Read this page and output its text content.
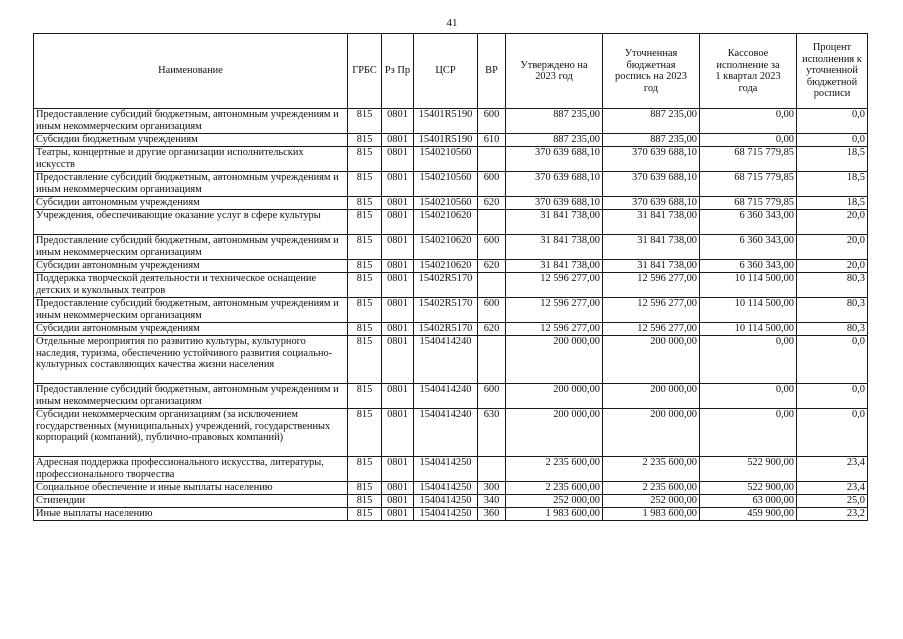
41
Наименование	ГРБС	Рз Пр	ЦСР	ВР	Утверждено на 2023 год	Уточненная бюджетная роспись на 2023 год	Кассовое исполнение за 1 квартал 2023 года	Процент исполнения к уточненной бюджетной росписи

Предоставление субсидий бюджетным, автономным учреждениям и иным некоммерческим организациям	815	0801	15401R5190	600	887 235,00	887 235,00	0,00	0,0
Субсидии бюджетным учреждениям	815	0801	15401R5190	610	887 235,00	887 235,00	0,00	0,0
Театры, концертные и другие организации исполнительских искусств	815	0801	1540210560		370 639 688,10	370 639 688,10	68 715 779,85	18,5
Предоставление субсидий бюджетным, автономным учреждениям и иным некоммерческим организациям	815	0801	1540210560	600	370 639 688,10	370 639 688,10	68 715 779,85	18,5
Субсидии автономным учреждениям	815	0801	1540210560	620	370 639 688,10	370 639 688,10	68 715 779,85	18,5
Учреждения, обеспечивающие оказание услуг в сфере культуры	815	0801	1540210620		31 841 738,00	31 841 738,00	6 360 343,00	20,0
Предоставление субсидий бюджетным, автономным учреждениям и иным некоммерческим организациям	815	0801	1540210620	600	31 841 738,00	31 841 738,00	6 360 343,00	20,0
Субсидии автономным учреждениям	815	0801	1540210620	620	31 841 738,00	31 841 738,00	6 360 343,00	20,0
Поддержка творческой деятельности и техническое оснащение детских и кукольных театров	815	0801	15402R5170		12 596 277,00	12 596 277,00	10 114 500,00	80,3
Предоставление субсидий бюджетным, автономным учреждениям и иным некоммерческим организациям	815	0801	15402R5170	600	12 596 277,00	12 596 277,00	10 114 500,00	80,3
Субсидии автономным учреждениям	815	0801	15402R5170	620	12 596 277,00	12 596 277,00	10 114 500,00	80,3
Отдельные мероприятия по развитию культуры, культурного наследия, туризма, обеспечению устойчивого развития социально-культурных составляющих качества жизни населения	815	0801	1540414240		200 000,00	200 000,00	0,00	0,0
Предоставление субсидий бюджетным, автономным учреждениям и иным некоммерческим организациям	815	0801	1540414240	600	200 000,00	200 000,00	0,00	0,0
Субсидии некоммерческим организациям (за исключением государственных (муниципальных) учреждений, государственных корпораций (компаний), публично-правовых компаний)	815	0801	1540414240	630	200 000,00	200 000,00	0,00	0,0
Адресная поддержка профессионального искусства, литературы, профессионального творчества	815	0801	1540414250		2 235 600,00	2 235 600,00	522 900,00	23,4
Социальное обеспечение и иные выплаты населению	815	0801	1540414250	300	2 235 600,00	2 235 600,00	522 900,00	23,4
Стипендии	815	0801	1540414250	340	252 000,00	252 000,00	63 000,00	25,0
Иные выплаты населению	815	0801	1540414250	360	1 983 600,00	1 983 600,00	459 900,00	23,2
